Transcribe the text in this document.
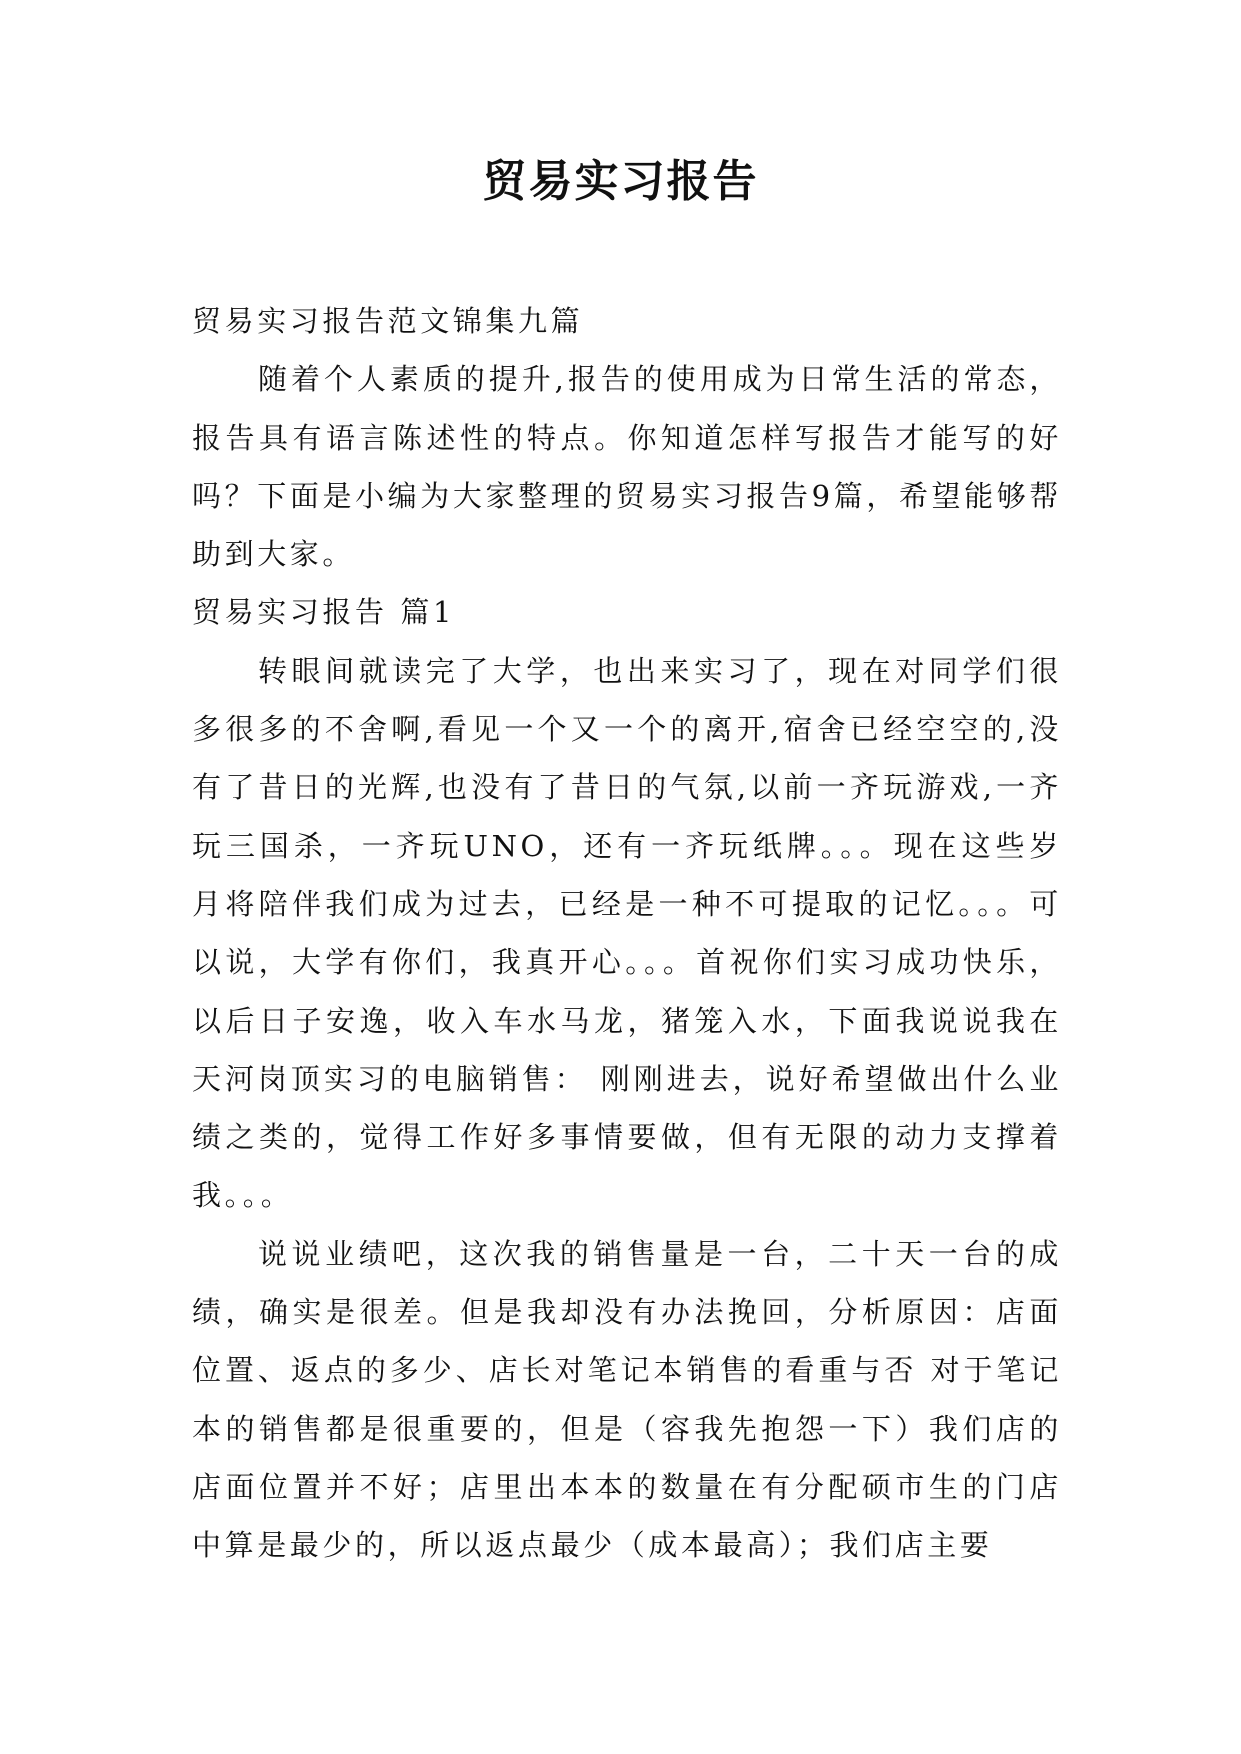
贸易实习报告

贸易实习报告范文锦集九篇

随着个人素质的提升,报告的使用成为日常生活的常态，报告具有语言陈述性的特点。你知道怎样写报告才能写的好吗？下面是小编为大家整理的贸易实习报告9篇，希望能够帮助到大家。

贸易实习报告 篇1

转眼间就读完了大学，也出来实习了，现在对同学们很多很多的不舍啊,看见一个又一个的离开,宿舍已经空空的,没有了昔日的光辉,也没有了昔日的气氛,以前一齐玩游戏,一齐玩三国杀，一齐玩UNO，还有一齐玩纸牌。。。现在这些岁月将陪伴我们成为过去，已经是一种不可提取的记忆。。。可以说，大学有你们，我真开心。。。首祝你们实习成功快乐，以后日子安逸，收入车水马龙，猪笼入水，下面我说说我在天河岗顶实习的电脑销售： 刚刚进去，说好希望做出什么业绩之类的，觉得工作好多事情要做，但有无限的动力支撑着我。。。

说说业绩吧，这次我的销售量是一台，二十天一台的成绩，确实是很差。但是我却没有办法挽回，分析原因：店面位置、返点的多少、店长对笔记本销售的看重与否 对于笔记本的销售都是很重要的，但是（容我先抱怨一下）我们店的店面位置并不好；店里出本本的数量在有分配硕市生的门店中算是最少的，所以返点最少（成本最高）；我们店主要
